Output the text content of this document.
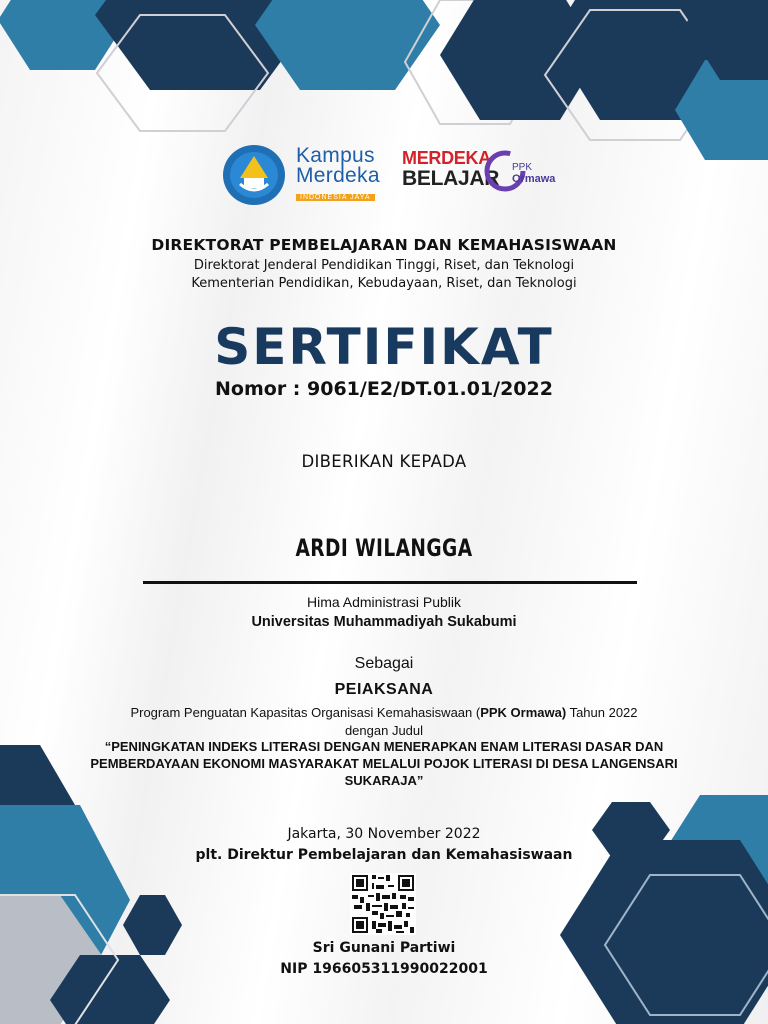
Kampus
Merdeka
INDONESIA JAYA
MERDEKA
BELAJAR PPK
Ormawa
DIREKTORAT PEMBELAJARAN DAN KEMAHASISWAAN
Direktorat Jenderal Pendidikan Tinggi, Riset, dan Teknologi
Kementerian Pendidikan, Kebudayaan, Riset, dan Teknologi
SERTIFIKAT
Nomor : 9061/E2/DT.01.01/2022
DIBERIKAN KEPADA
ARDI WILANGGA
Hima Administrasi Publik
Universitas Muhammadiyah Sukabumi
Sebagai
PEIAKSANA
Program Penguatan Kapasitas Organisasi Kemahasiswaan (PPK Ormawa) Tahun 2022
dengan Judul
“PENINGKATAN INDEKS LITERASI DENGAN MENERAPKAN ENAM LITERASI DASAR DAN PEMBERDAYAAN EKONOMI MASYARAKAT MELALUI POJOK LITERASI DI DESA LANGENSARI SUKARAJA”
Jakarta, 30 November 2022
plt. Direktur Pembelajaran dan Kemahasiswaan
Sri Gunani Partiwi
NIP 196605311990022001
